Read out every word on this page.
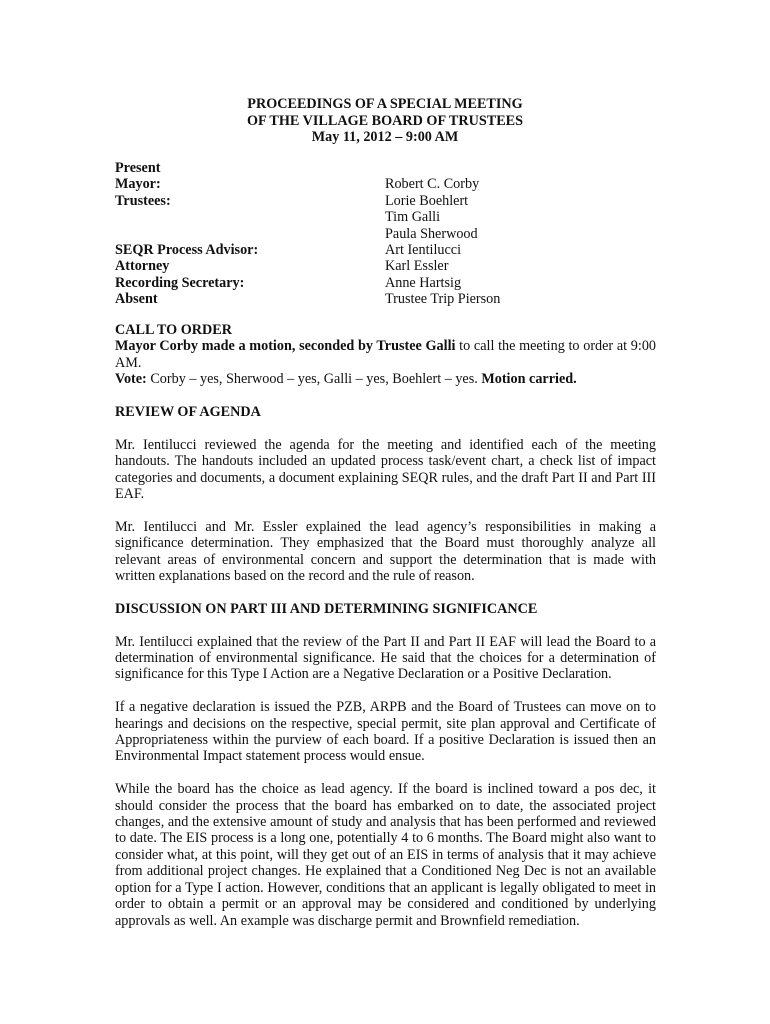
PROCEEDINGS OF A SPECIAL MEETING
OF THE VILLAGE BOARD OF TRUSTEES
May 11, 2012 – 9:00 AM
Present
Mayor:	Robert C. Corby
Trustees:	Lorie Boehlert
Tim Galli
Paula Sherwood
SEQR Process Advisor:	Art Ientilucci
Attorney	Karl Essler
Recording Secretary:	Anne Hartsig
Absent	Trustee Trip Pierson
CALL TO ORDER

Mayor Corby made a motion, seconded by Trustee Galli to call the meeting to order at 9:00 AM.

Vote: Corby – yes, Sherwood – yes, Galli – yes, Boehlert – yes. Motion carried.

REVIEW OF AGENDA

Mr. Ientilucci reviewed the agenda for the meeting and identified each of the meeting handouts. The handouts included an updated process task/event chart, a check list of impact categories and documents, a document explaining SEQR rules, and the draft Part II and Part III EAF.

Mr. Ientilucci and Mr. Essler explained the lead agency’s responsibilities in making a significance determination. They emphasized that the Board must thoroughly analyze all relevant areas of environmental concern and support the determination that is made with written explanations based on the record and the rule of reason.

DISCUSSION ON PART III AND DETERMINING SIGNIFICANCE

Mr. Ientilucci explained that the review of the Part II and Part II EAF will lead the Board to a determination of environmental significance. He said that the choices for a determination of significance for this Type I Action are a Negative Declaration or a Positive Declaration.

If a negative declaration is issued the PZB, ARPB and the Board of Trustees can move on to hearings and decisions on the respective, special permit, site plan approval and Certificate of Appropriateness within the purview of each board. If a positive Declaration is issued then an Environmental Impact statement process would ensue.

While the board has the choice as lead agency. If the board is inclined toward a pos dec, it should consider the process that the board has embarked on to date, the associated project changes, and the extensive amount of study and analysis that has been performed and reviewed to date. The EIS process is a long one, potentially 4 to 6 months. The Board might also want to consider what, at this point, will they get out of an EIS in terms of analysis that it may achieve from additional project changes. He explained that a Conditioned Neg Dec is not an available option for a Type I action. However, conditions that an applicant is legally obligated to meet in order to obtain a permit or an approval may be considered and conditioned by underlying approvals as well. An example was discharge permit and Brownfield remediation.
